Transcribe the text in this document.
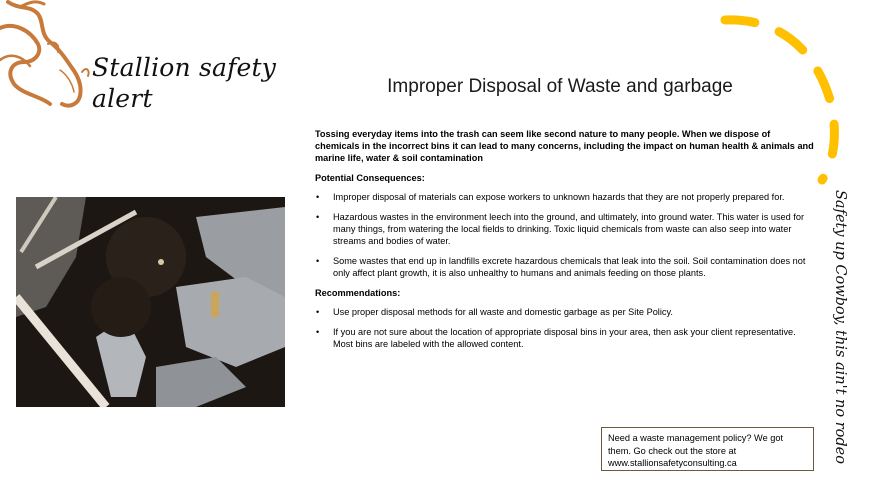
Stallion safety
alert	Improper Disposal of Waste and garbage

Tossing everyday items into the trash can seem like second nature to many people. When we dispose of chemicals in the incorrect bins it can lead to many concerns, including the impact on human health & animals and marine life, water & soil contamination

Potential Consequences:

• Improper disposal of materials can expose workers to unknown hazards that they are not properly prepared for.
• Hazardous wastes in the environment leech into the ground, and ultimately, into ground water. This water is used for many things, from watering the local fields to drinking. Toxic liquid chemicals from waste can also seep into water streams and bodies of water.
• Some wastes that end up in landfills excrete hazardous chemicals that leak into the soil. Soil contamination does not only affect plant growth, it is also unhealthy to humans and animals feeding on those plants.

Recommendations:

• Use proper disposal methods for all waste and domestic garbage as per Site Policy.
• If you are not sure about the location of appropriate disposal bins in your area, then ask your client representative. Most bins are labeled with the allowed content.
Need a waste management policy? We got
them. Go check out the store at
www.stallionsafetyconsulting.ca	Safety up Cowboy, this ain't no rodeo
